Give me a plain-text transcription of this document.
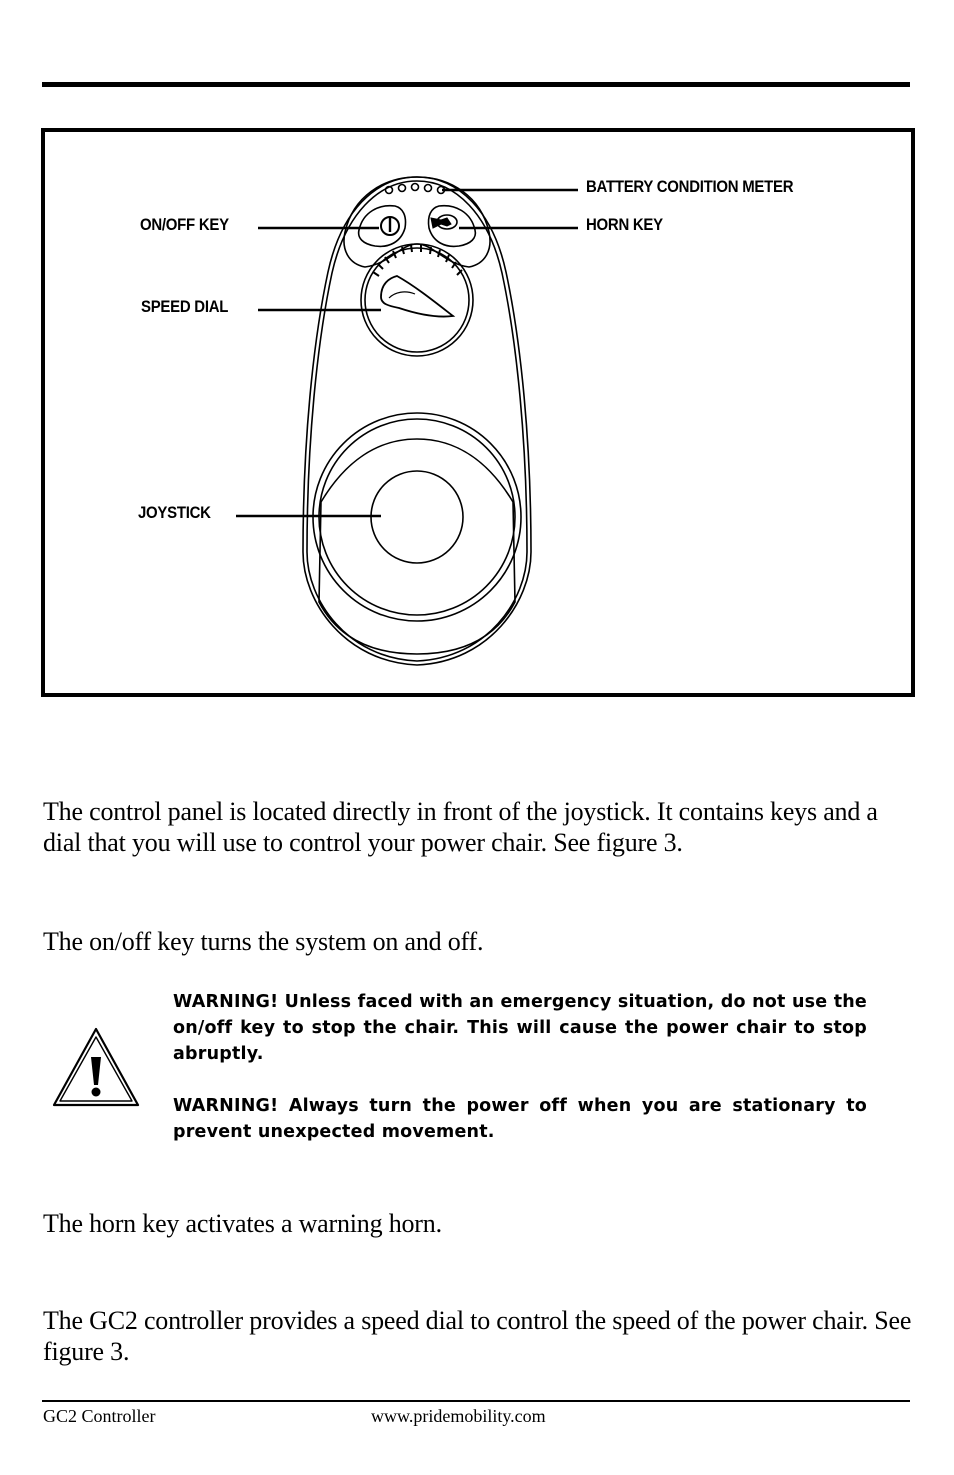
BATTERY CONDITION METER
ON/OFF KEY	HORN KEY
SPEED DIAL
JOYSTICK
The control panel is located directly in front of the joystick. It contains keys and a dial that you will use to control your power chair. See figure 3.
The on/off key turns the system on and off.
WARNING! Unless faced with an emergency situation, do not use the on/off key to stop the chair. This will cause the power chair to stop abruptly.
WARNING! Always turn the power off when you are stationary to prevent unexpected movement.
The horn key activates a warning horn.
The GC2 controller provides a speed dial to control the speed of the power chair. See figure 3.
GC2 Controller	www.pridemobility.com
